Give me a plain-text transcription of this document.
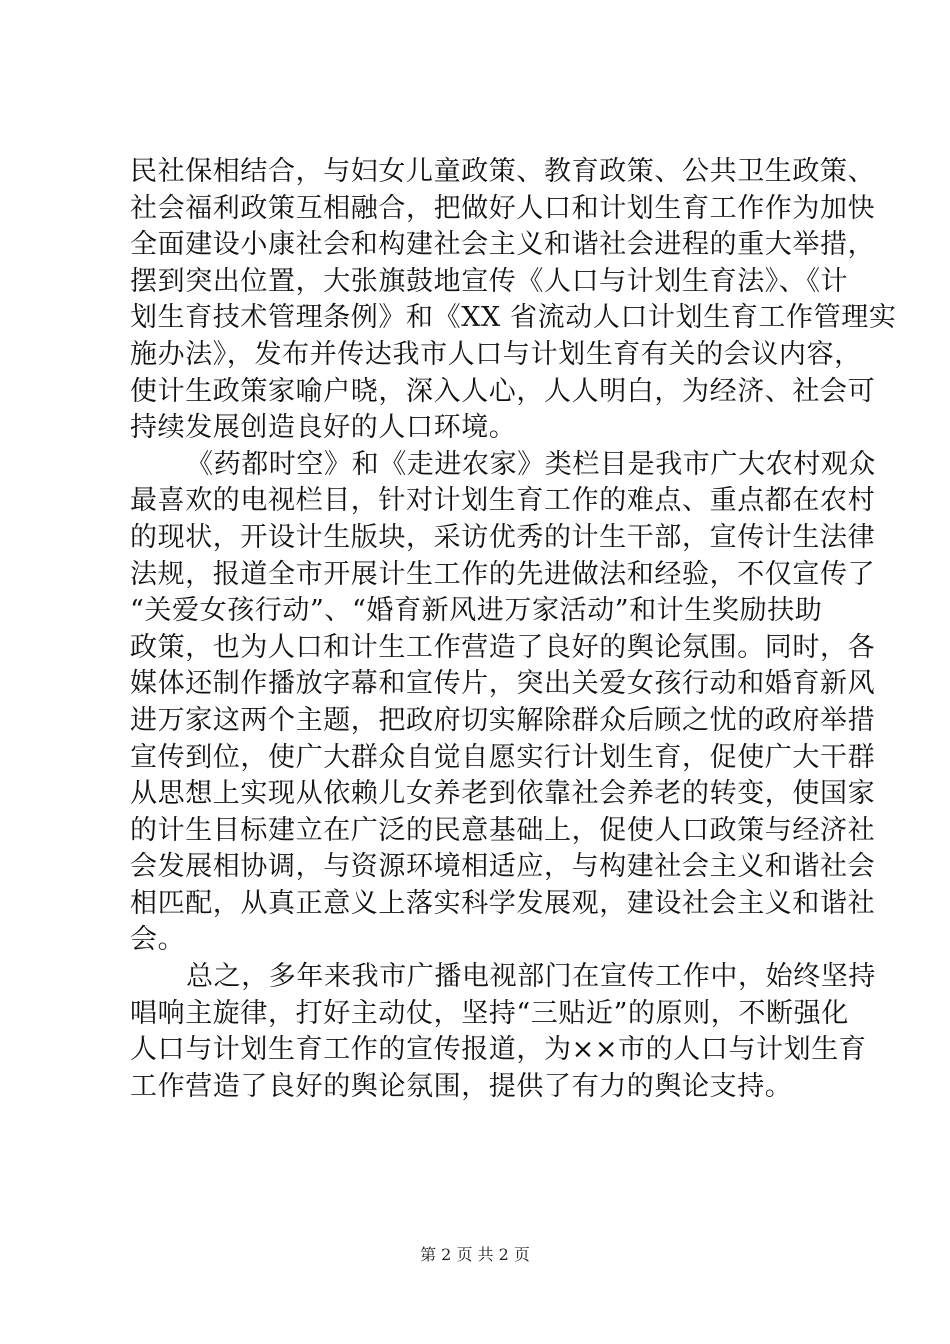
民社保相结合，与妇女儿童政策、教育政策、公共卫生政策、
社会福利政策互相融合，把做好人口和计划生育工作作为加快
全面建设小康社会和构建社会主义和谐社会进程的重大举措，
摆到突出位置，大张旗鼓地宣传《人口与计划生育法》、《计
划生育技术管理条例》和《XX 省流动人口计划生育工作管理实
施办法》，发布并传达我市人口与计划生育有关的会议内容，
使计生政策家喻户晓，深入人心，人人明白，为经济、社会可
持续发展创造良好的人口环境。
《药都时空》和《走进农家》类栏目是我市广大农村观众
最喜欢的电视栏目，针对计划生育工作的难点、重点都在农村
的现状，开设计生版块，采访优秀的计生干部，宣传计生法律
法规，报道全市开展计生工作的先进做法和经验，不仅宣传了
“关爱女孩行动”、“婚育新风进万家活动”和计生奖励扶助
政策，也为人口和计生工作营造了良好的舆论氛围。同时，各
媒体还制作播放字幕和宣传片，突出关爱女孩行动和婚育新风
进万家这两个主题，把政府切实解除群众后顾之忧的政府举措
宣传到位，使广大群众自觉自愿实行计划生育，促使广大干群
从思想上实现从依赖儿女养老到依靠社会养老的转变，使国家
的计生目标建立在广泛的民意基础上，促使人口政策与经济社
会发展相协调，与资源环境相适应，与构建社会主义和谐社会
相匹配，从真正意义上落实科学发展观，建设社会主义和谐社
会。
总之，多年来我市广播电视部门在宣传工作中，始终坚持
唱响主旋律，打好主动仗，坚持“三贴近”的原则，不断强化
人口与计划生育工作的宣传报道，为××市的人口与计划生育
工作营造了良好的舆论氛围，提供了有力的舆论支持。
第 2 页 共 2 页
